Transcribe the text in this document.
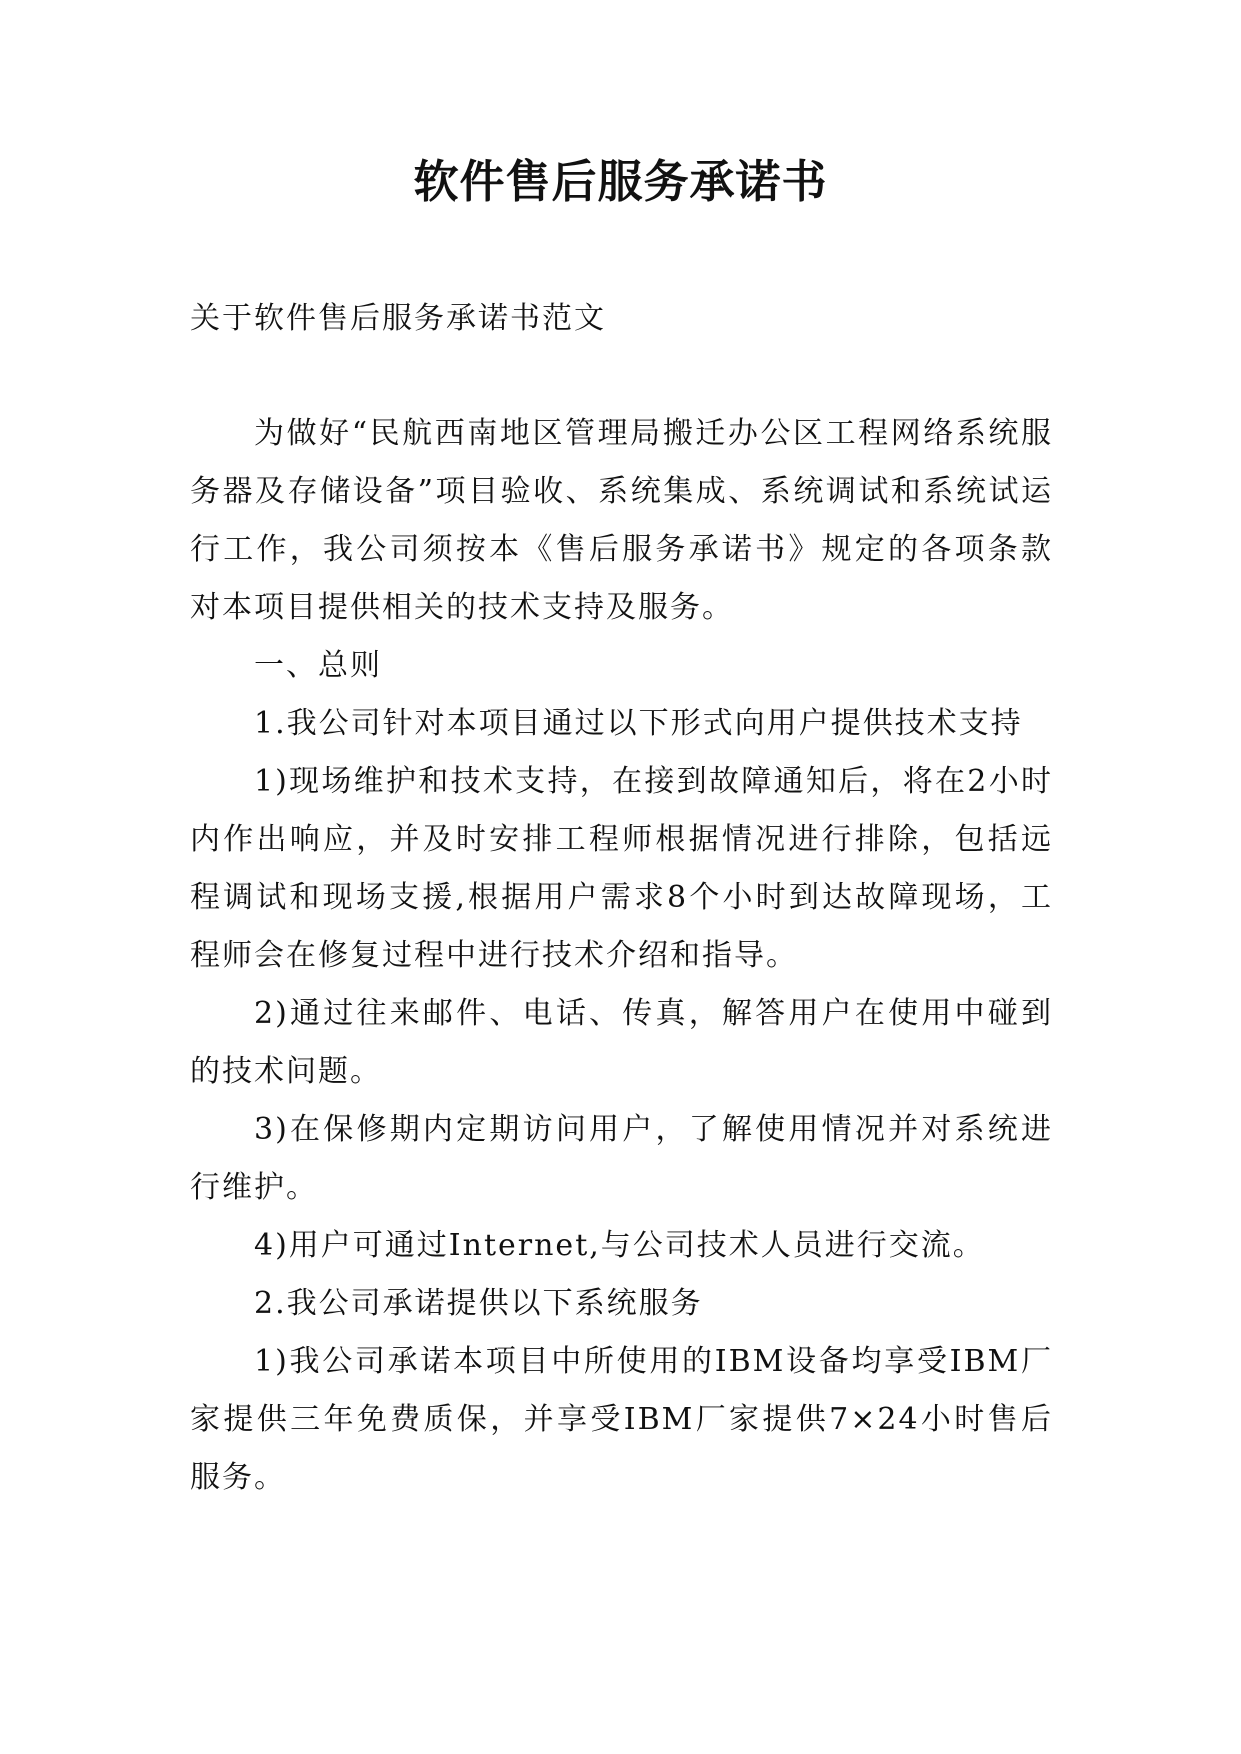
软件售后服务承诺书

关于软件售后服务承诺书范文

为做好“民航西南地区管理局搬迁办公区工程网络系统服务器及存储设备”项目验收、系统集成、系统调试和系统试运行工作，我公司须按本《售后服务承诺书》规定的各项条款对本项目提供相关的技术支持及服务。

一、总则

1.我公司针对本项目通过以下形式向用户提供技术支持

1)现场维护和技术支持，在接到故障通知后，将在2小时内作出响应，并及时安排工程师根据情况进行排除，包括远程调试和现场支援,根据用户需求8个小时到达故障现场，工程师会在修复过程中进行技术介绍和指导。

2)通过往来邮件、电话、传真，解答用户在使用中碰到的技术问题。

3)在保修期内定期访问用户，了解使用情况并对系统进行维护。

4)用户可通过Internet,与公司技术人员进行交流。

2.我公司承诺提供以下系统服务

1)我公司承诺本项目中所使用的IBM设备均享受IBM厂家提供三年免费质保，并享受IBM厂家提供7×24小时售后服务。
